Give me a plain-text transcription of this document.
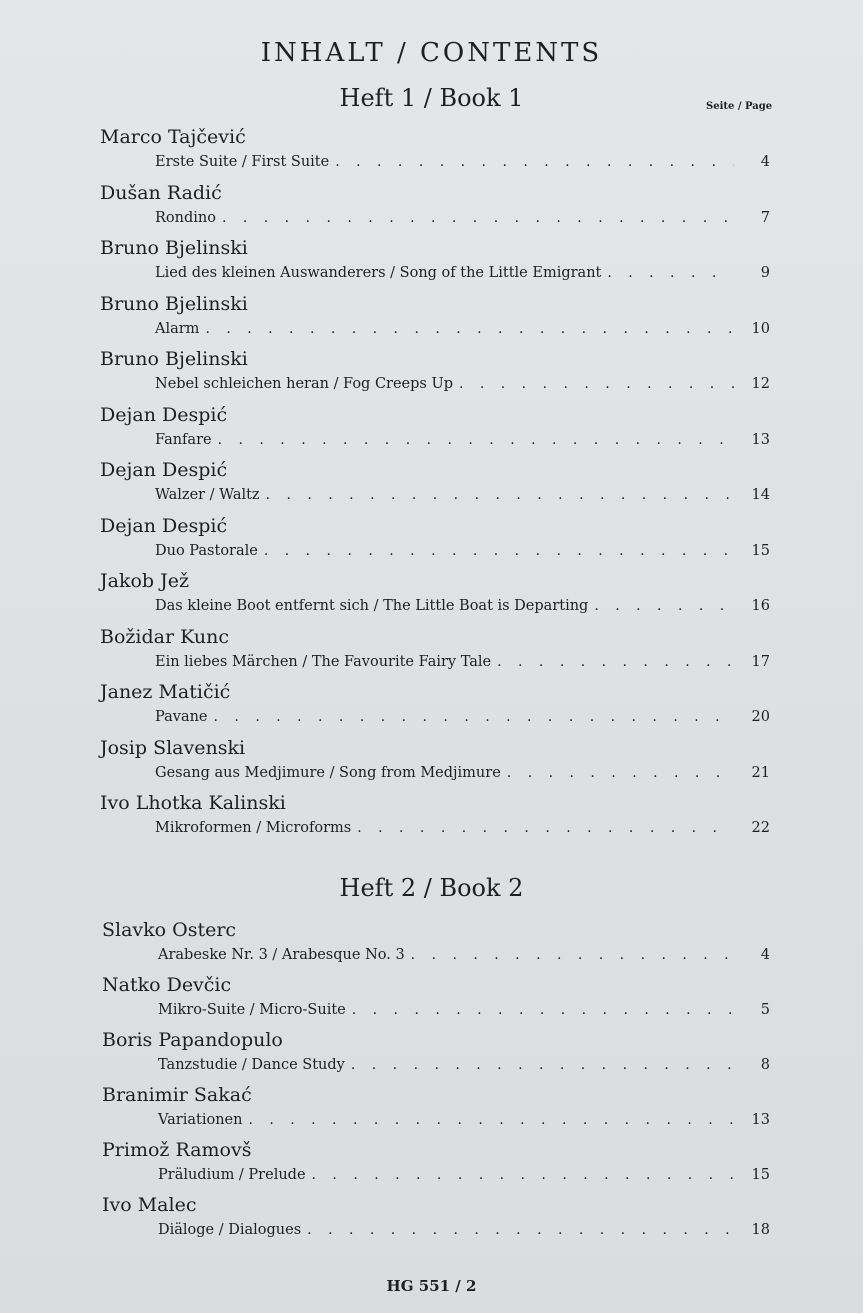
INHALT / CONTENTS
Heft 1 / Book 1	Seite / Page
Marco Tajčević
Erste Suite / First Suite . . .	4
Dušan Radić
Rondino . . .	7
Bruno Bjelinski
Lied des kleinen Auswanderers / Song of the Little Emigrant . . .	9
Bruno Bjelinski
Alarm . . .	10
Bruno Bjelinski
Nebel schleichen heran / Fog Creeps Up . . .	12
Dejan Despić
Fanfare . . .	13
Dejan Despić
Walzer / Waltz . . .	14
Dejan Despić
Duo Pastorale . . .	15
Jakob Jež
Das kleine Boot entfernt sich / The Little Boat is Departing . . .	16
Božidar Kunc
Ein liebes Märchen / The Favourite Fairy Tale . . .	17
Janez Matičić
Pavane . . .	20
Josip Slavenski
Gesang aus Medjimure / Song from Medjimure . . .	21
Ivo Lhotka Kalinski
Mikroformen / Microforms . . .	22
Heft 2 / Book 2
Slavko Osterc
Arabeske Nr. 3 / Arabesque No. 3 . . .	4
Natko Devčic
Mikro-Suite / Micro-Suite . . .	5
Boris Papandopulo
Tanzstudie / Dance Study . . .	8
Branimir Sakać
Variationen . . .	13
Primož Ramovš
Präludium / Prelude . . .	15
Ivo Malec
Diäloge / Dialogues . . .	18
HG 551 / 2
